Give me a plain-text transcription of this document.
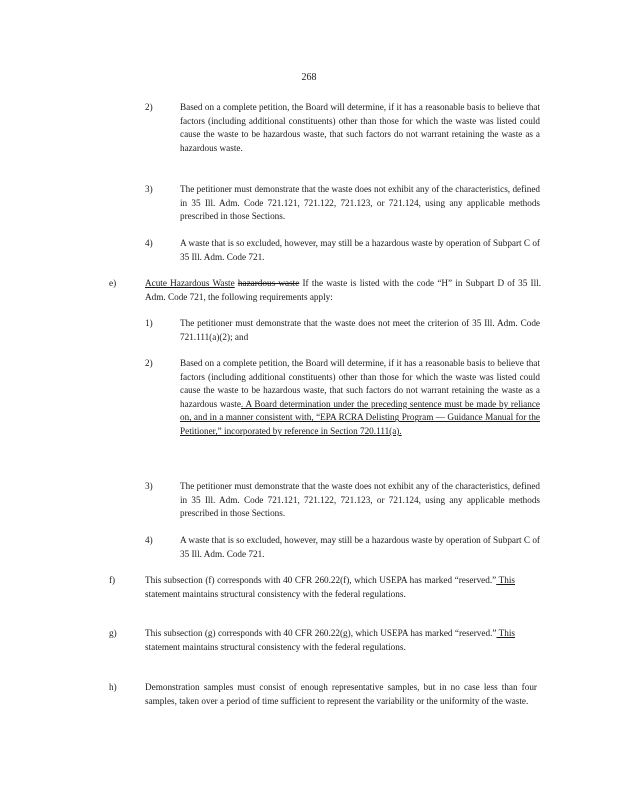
268
2)	Based on a complete petition, the Board will determine, if it has a reasonable basis to believe that factors (including additional constituents) other than those for which the waste was listed could cause the waste to be hazardous waste, that such factors do not warrant retaining the waste as a hazardous waste.
3)	The petitioner must demonstrate that the waste does not exhibit any of the characteristics, defined in 35 Ill. Adm. Code 721.121, 721.122, 721.123, or 721.124, using any applicable methods prescribed in those Sections.
4)	A waste that is so excluded, however, may still be a hazardous waste by operation of Subpart C of 35 Ill. Adm. Code 721.
e)	Acute Hazardous Waste hazardous waste If the waste is listed with the code “H” in Subpart D of 35 Ill. Adm. Code 721, the following requirements apply:
1)	The petitioner must demonstrate that the waste does not meet the criterion of 35 Ill. Adm. Code 721.111(a)(2); and
2)	Based on a complete petition, the Board will determine, if it has a reasonable basis to believe that factors (including additional constituents) other than those for which the waste was listed could cause the waste to be hazardous waste, that such factors do not warrant retaining the waste as a hazardous waste. A Board determination under the preceding sentence must be made by reliance on, and in a manner consistent with, “EPA RCRA Delisting Program — Guidance Manual for the Petitioner,” incorporated by reference in Section 720.111(a).
3)	The petitioner must demonstrate that the waste does not exhibit any of the characteristics, defined in 35 Ill. Adm. Code 721.121, 721.122, 721.123, or 721.124, using any applicable methods prescribed in those Sections.
4)	A waste that is so excluded, however, may still be a hazardous waste by operation of Subpart C of 35 Ill. Adm. Code 721.
f)	This subsection (f) corresponds with 40 CFR 260.22(f), which USEPA has marked “reserved.” This statement maintains structural consistency with the federal regulations.
g)	This subsection (g) corresponds with 40 CFR 260.22(g), which USEPA has marked “reserved.” This statement maintains structural consistency with the federal regulations.
h)	Demonstration samples must consist of enough representative samples, but in no case less than four samples, taken over a period of time sufficient to represent the variability or the uniformity of the waste.
